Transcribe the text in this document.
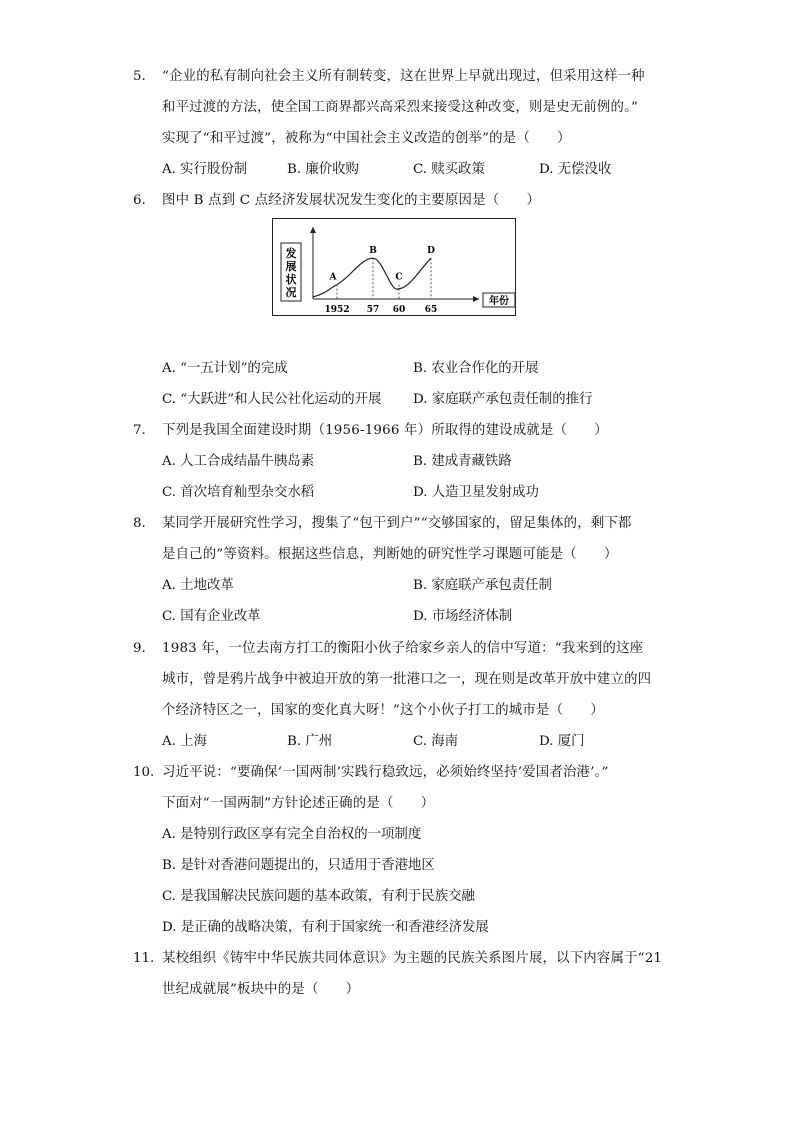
5. “企业的私有制向社会主义所有制转变，这在世界上早就出现过，但采用这样一种
和平过渡的方法，使全国工商界都兴高采烈来接受这种改变，则是史无前例的。”
实现了“和平过渡”，被称为“中国社会主义改造的创举”的是（　　）
A. 实行股份制	B. 廉价收购	C. 赎买政策	D. 无偿没收
6. 图中 B 点到 C 点经济发展状况发生变化的主要原因是（　　）
发
展
状
况
年份
A
B
C
D
1952 57 60 65
A. “一五计划”的完成	B. 农业合作化的开展
C. “大跃进”和人民公社化运动的开展 D. 家庭联产承包责任制的推行
7. 下列是我国全面建设时期（1956-1966 年）所取得的建设成就是（　　）
A. 人工合成结晶牛胰岛素	B. 建成青藏铁路
C. 首次培育籼型杂交水稻	D. 人造卫星发射成功
8. 某同学开展研究性学习，搜集了“包干到户”“交够国家的，留足集体的，剩下都
是自己的”等资料。根据这些信息，判断她的研究性学习课题可能是（　　）
A. 土地改革	B. 家庭联产承包责任制
C. 国有企业改革	D. 市场经济体制
9. 1983 年，一位去南方打工的衡阳小伙子给家乡亲人的信中写道：“我来到的这座
城市，曾是鸦片战争中被迫开放的第一批港口之一，现在则是改革开放中建立的四
个经济特区之一，国家的变化真大呀！”这个小伙子打工的城市是（　　）
A. 上海	B. 广州	C. 海南	D. 厦门
10. 习近平说：“要确保‘一国两制’实践行稳致远，必须始终坚持‘爱国者治港’。”
下面对“一国两制”方针论述正确的是（　　）
A. 是特别行政区享有完全自治权的一项制度
B. 是针对香港问题提出的，只适用于香港地区
C. 是我国解决民族问题的基本政策，有利于民族交融
D. 是正确的战略决策，有利于国家统一和香港经济发展
11. 某校组织《铸牢中华民族共同体意识》为主题的民族关系图片展，以下内容属于“21
世纪成就展”板块中的是（　　）
